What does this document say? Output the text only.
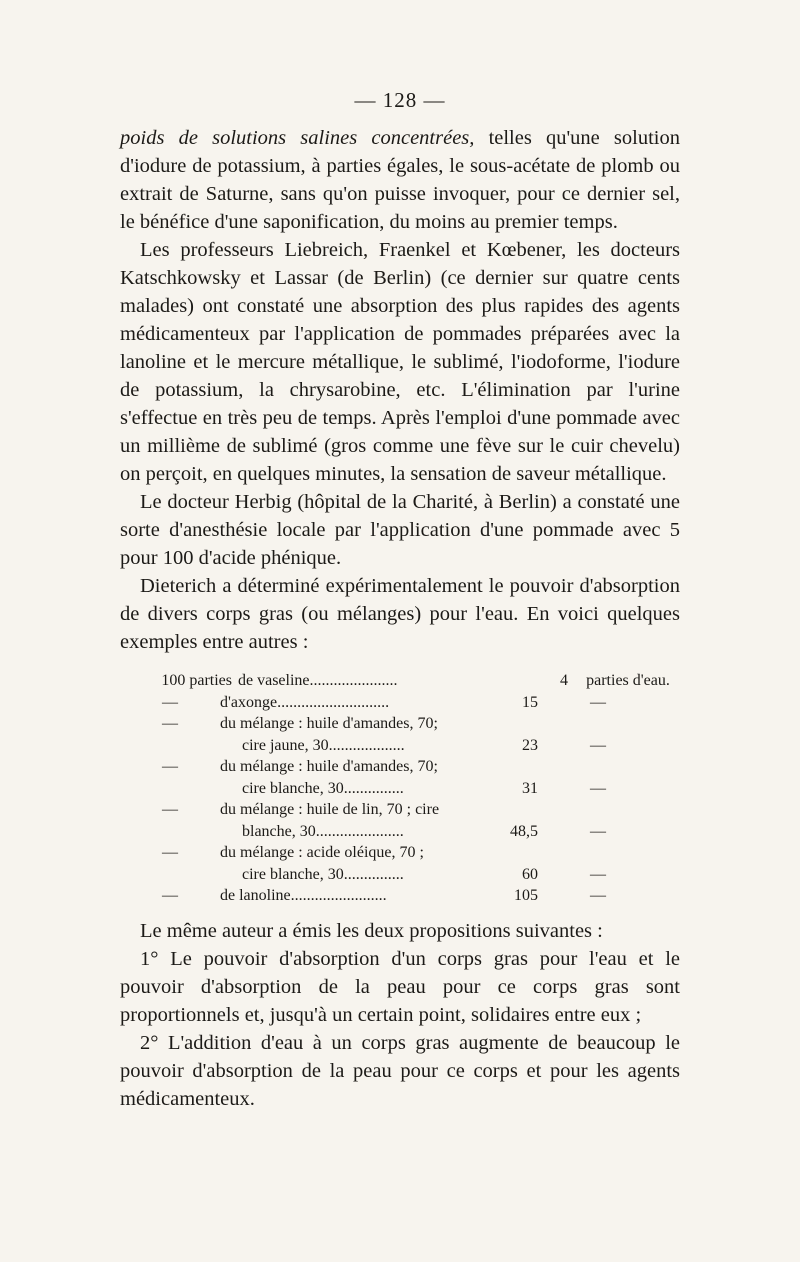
— 128 —

poids de solutions salines concentrées, telles qu'une solution d'iodure de potassium, à parties égales, le sous-acétate de plomb ou extrait de Saturne, sans qu'on puisse invoquer, pour ce dernier sel, le bénéfice d'une saponification, du moins au premier temps.

Les professeurs Liebreich, Fraenkel et Kœbener, les docteurs Katschkowsky et Lassar (de Berlin) (ce dernier sur quatre cents malades) ont constaté une absorption des plus rapides des agents médicamenteux par l'application de pommades préparées avec la lanoline et le mercure métallique, le sublimé, l'iodoforme, l'iodure de potassium, la chrysarobine, etc. L'élimination par l'urine s'effectue en très peu de temps. Après l'emploi d'une pommade avec un millième de sublimé (gros comme une fève sur le cuir chevelu) on perçoit, en quelques minutes, la sensation de saveur métallique.

Le docteur Herbig (hôpital de la Charité, à Berlin) a constaté une sorte d'anesthésie locale par l'application d'une pommade avec 5 pour 100 d'acide phénique.

Dieterich a déterminé expérimentalement le pouvoir d'absorption de divers corps gras (ou mélanges) pour l'eau. En voici quelques exemples entre autres :

100 parties de vaseline......................	4	parties d'eau.
—	d'axonge............................	15	—
—	du mélange : huile d'amandes, 70;
cire jaune, 30...................	23	—
—	du mélange : huile d'amandes, 70;
cire blanche, 30...............	31	—
—	du mélange : huile de lin, 70 ; cire
blanche, 30......................	48,5	—
—	du mélange : acide oléique, 70 ;
cire blanche, 30...............	60	—
—	de lanoline........................	105	—

Le même auteur a émis les deux propositions suivantes :

1° Le pouvoir d'absorption d'un corps gras pour l'eau et le pouvoir d'absorption de la peau pour ce corps gras sont proportionnels et, jusqu'à un certain point, solidaires entre eux ;

2° L'addition d'eau à un corps gras augmente de beaucoup le pouvoir d'absorption de la peau pour ce corps et pour les agents médicamenteux.
